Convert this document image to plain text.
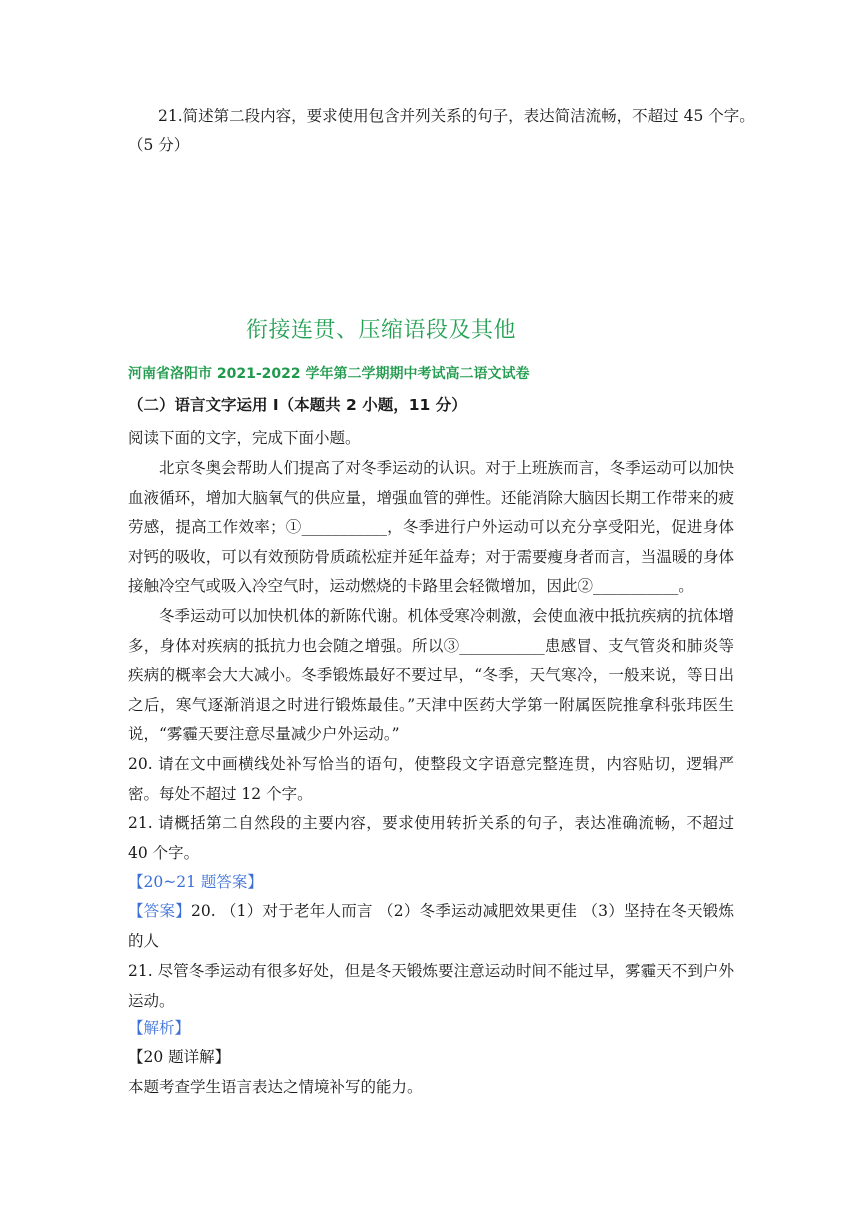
21.简述第二段内容，要求使用包含并列关系的句子，表达简洁流畅，不超过 45 个字。
（5 分）
衔接连贯、压缩语段及其他
河南省洛阳市 2021-2022 学年第二学期期中考试高二语文试卷
（二）语言文字运用 I（本题共 2 小题，11 分）
阅读下面的文字，完成下面小题。
北京冬奥会帮助人们提高了对冬季运动的认识。对于上班族而言，冬季运动可以加快血液循环，增加大脑氧气的供应量，增强血管的弹性。还能消除大脑因长期工作带来的疲劳感，提高工作效率；①___________，冬季进行户外运动可以充分享受阳光，促进身体对钙的吸收，可以有效预防骨质疏松症并延年益寿；对于需要瘦身者而言，当温暖的身体接触冷空气或吸入冷空气时，运动燃烧的卡路里会轻微增加，因此②___________。
冬季运动可以加快机体的新陈代谢。机体受寒冷刺激，会使血液中抵抗疾病的抗体增多，身体对疾病的抵抗力也会随之增强。所以③___________患感冒、支气管炎和肺炎等疾病的概率会大大减小。冬季锻炼最好不要过早，“冬季，天气寒冷，一般来说，等日出之后，寒气逐渐消退之时进行锻炼最佳。”天津中医药大学第一附属医院推拿科张玮医生说，“雾霾天要注意尽量减少户外运动。”
20. 请在文中画横线处补写恰当的语句，使整段文字语意完整连贯，内容贴切，逻辑严密。每处不超过 12 个字。
21. 请概括第二自然段的主要内容，要求使用转折关系的句子，表达准确流畅，不超过 40 个字。
【20~21 题答案】
【答案】20. （1）对于老年人而言 （2）冬季运动减肥效果更佳 （3）坚持在冬天锻炼的人
21. 尽管冬季运动有很多好处，但是冬天锻炼要注意运动时间不能过早，雾霾天不到户外运动。
【解析】
【20 题详解】
本题考查学生语言表达之情境补写的能力。
